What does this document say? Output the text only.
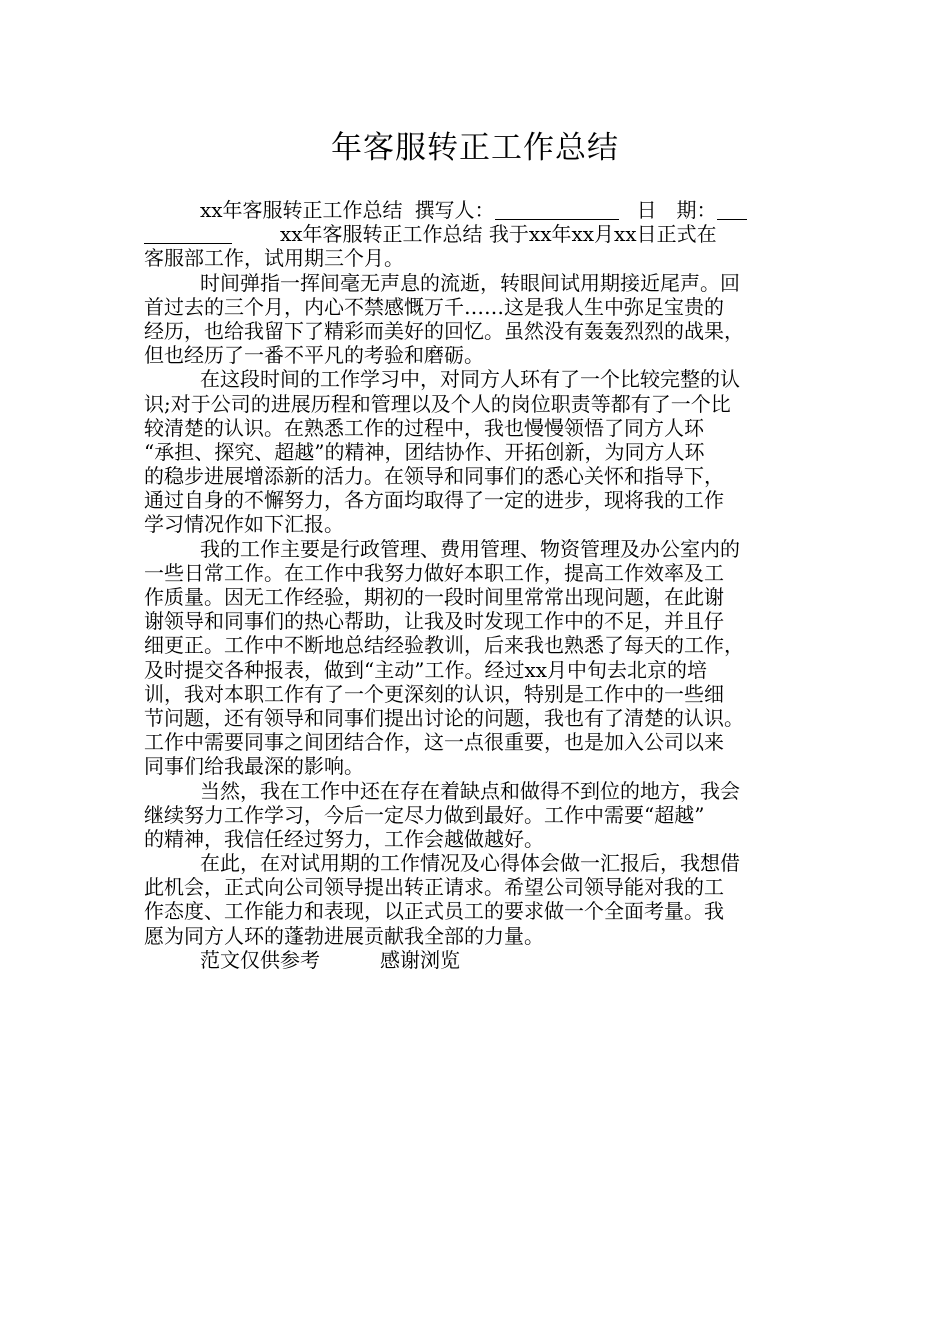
年客服转正工作总结
xx年客服转正工作总结 撰写人：	日　期：
xx年客服转正工作总结 我于xx年xx月xx日正式在
客服部工作，试用期三个月。
时间弹指一挥间毫无声息的流逝，转眼间试用期接近尾声。回
首过去的三个月，内心不禁感慨万千……这是我人生中弥足宝贵的
经历，也给我留下了精彩而美好的回忆。虽然没有轰轰烈烈的战果，
但也经历了一番不平凡的考验和磨砺。
在这段时间的工作学习中，对同方人环有了一个比较完整的认
识;对于公司的进展历程和管理以及个人的岗位职责等都有了一个比
较清楚的认识。在熟悉工作的过程中，我也慢慢领悟了同方人环
“承担、探究、超越”的精神，团结协作、开拓创新，为同方人环
的稳步进展增添新的活力。在领导和同事们的悉心关怀和指导下，
通过自身的不懈努力，各方面均取得了一定的进步，现将我的工作
学习情况作如下汇报。
我的工作主要是行政管理、费用管理、物资管理及办公室内的
一些日常工作。在工作中我努力做好本职工作，提高工作效率及工
作质量。因无工作经验，期初的一段时间里常常出现问题，在此谢
谢领导和同事们的热心帮助，让我及时发现工作中的不足，并且仔
细更正。工作中不断地总结经验教训，后来我也熟悉了每天的工作，
及时提交各种报表，做到“主动”工作。经过xx月中旬去北京的培
训，我对本职工作有了一个更深刻的认识，特别是工作中的一些细
节问题，还有领导和同事们提出讨论的问题，我也有了清楚的认识。
工作中需要同事之间团结合作，这一点很重要，也是加入公司以来
同事们给我最深的影响。
当然，我在工作中还在存在着缺点和做得不到位的地方，我会
继续努力工作学习，今后一定尽力做到最好。工作中需要“超越”
的精神，我信任经过努力，工作会越做越好。
在此，在对试用期的工作情况及心得体会做一汇报后，我想借
此机会，正式向公司领导提出转正请求。希望公司领导能对我的工
作态度、工作能力和表现，以正式员工的要求做一个全面考量。我
愿为同方人环的蓬勃进展贡献我全部的力量。
范文仅供参考	感谢浏览
